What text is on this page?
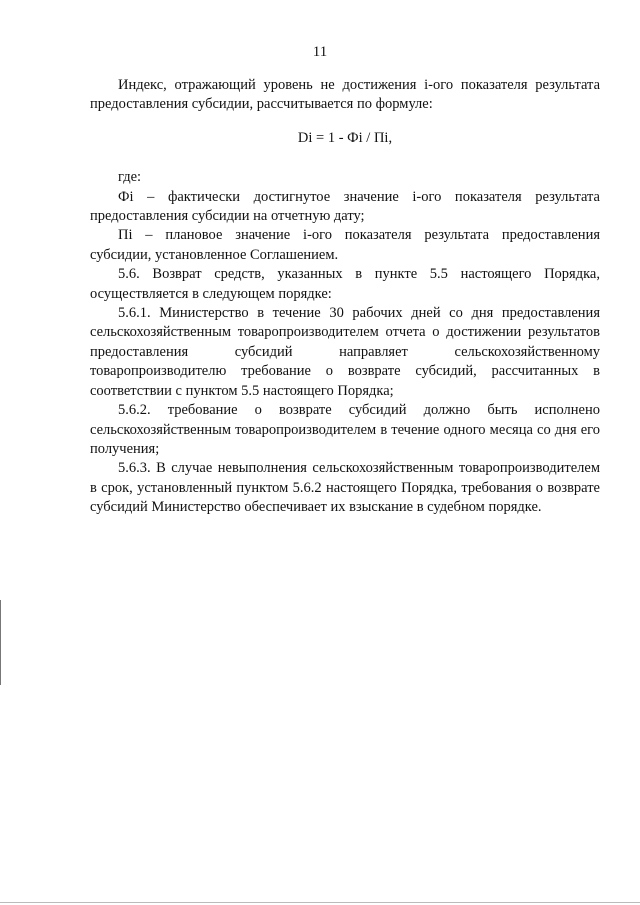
11

Индекс, отражающий уровень не достижения i-ого показателя результата предоставления субсидии, рассчитывается по формуле:

Di = 1 - Фi / Пi,

где:

Фi – фактически достигнутое значение i-ого показателя результата предоставления субсидии на отчетную дату;

Пi – плановое значение i-ого показателя результата предоставления субсидии, установленное Соглашением.

5.6. Возврат средств, указанных в пункте 5.5 настоящего Порядка, осуществляется в следующем порядке:

5.6.1. Министерство в течение 30 рабочих дней со дня предоставления сельскохозяйственным товаропроизводителем отчета о достижении результатов предоставления субсидий направляет сельскохозяйственному товаропроизводителю требование о возврате субсидий, рассчитанных в соответствии с пунктом 5.5 настоящего Порядка;

5.6.2. требование о возврате субсидий должно быть исполнено сельскохозяйственным товаропроизводителем в течение одного месяца со дня его получения;

5.6.3. В случае невыполнения сельскохозяйственным товаропроизводителем в срок, установленный пунктом 5.6.2 настоящего Порядка, требования о возврате субсидий Министерство обеспечивает их взыскание в судебном порядке.
